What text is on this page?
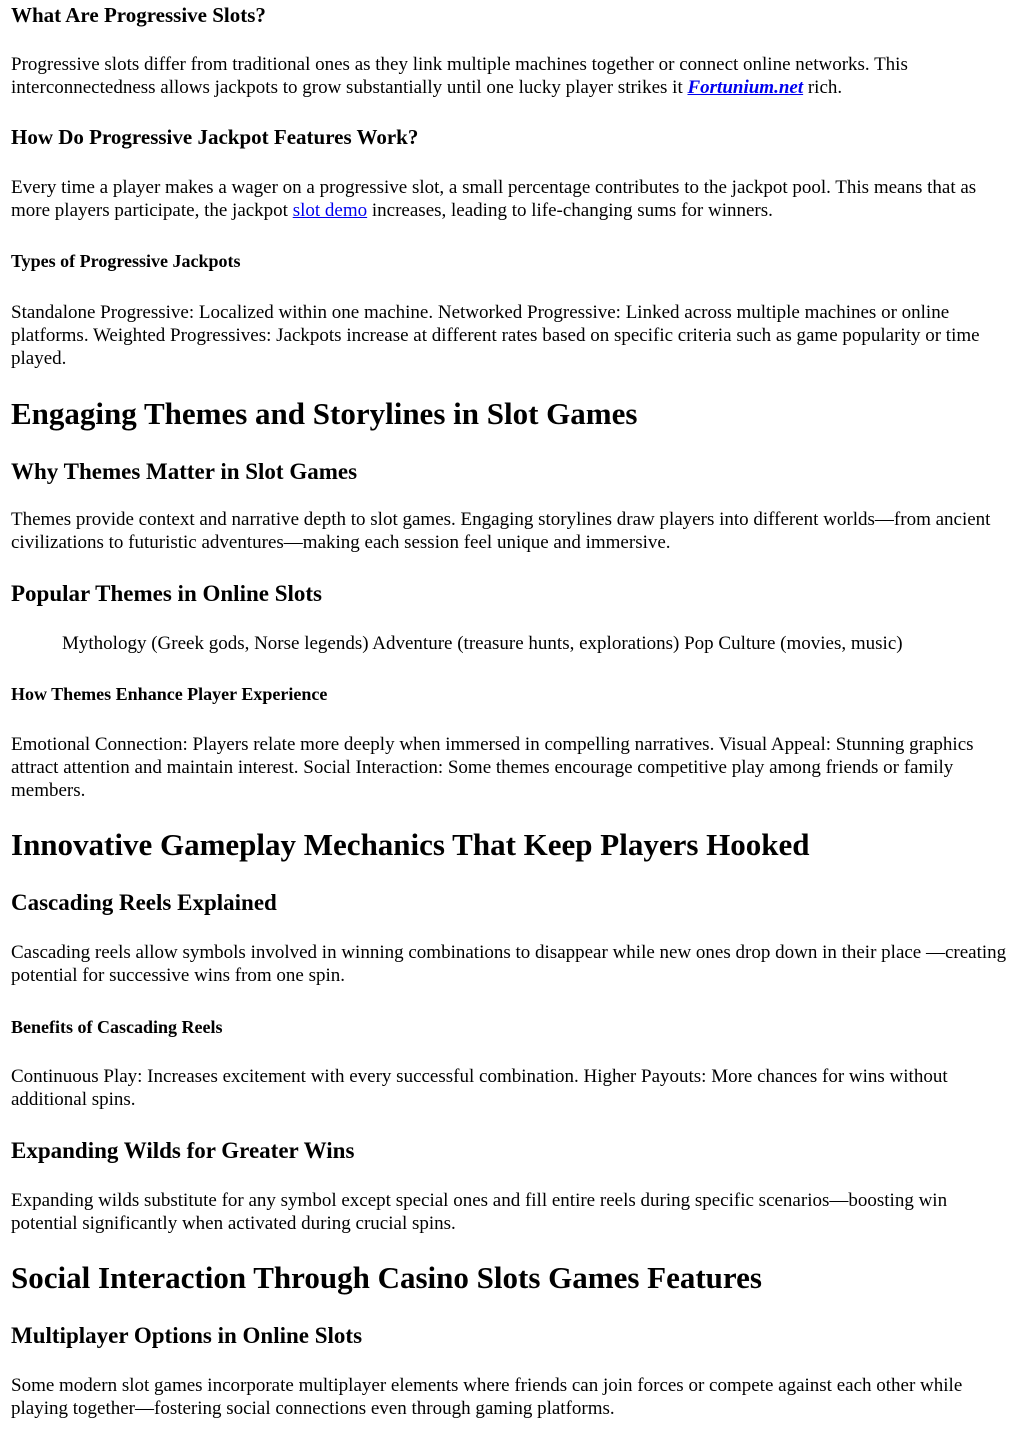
What Are Progressive Slots?

Progressive slots differ from traditional ones as they link multiple machines together or connect online networks. This interconnectedness allows jackpots to grow substantially until one lucky player strikes it Fortunium.net rich.

How Do Progressive Jackpot Features Work?

Every time a player makes a wager on a progressive slot, a small percentage contributes to the jackpot pool. This means that as more players participate, the jackpot slot demo increases, leading to life-changing sums for winners.

Types of Progressive Jackpots

Standalone Progressive: Localized within one machine. Networked Progressive: Linked across multiple machines or online platforms. Weighted Progressives: Jackpots increase at different rates based on specific criteria such as game popularity or time played.

Engaging Themes and Storylines in Slot Games
Why Themes Matter in Slot Games

Themes provide context and narrative depth to slot games. Engaging storylines draw players into different worlds—from ancient civilizations to futuristic adventures—making each session feel unique and immersive.

Popular Themes in Online Slots
Mythology (Greek gods, Norse legends) Adventure (treasure hunts, explorations) Pop Culture (movies, music)
How Themes Enhance Player Experience

Emotional Connection: Players relate more deeply when immersed in compelling narratives. Visual Appeal: Stunning graphics attract attention and maintain interest. Social Interaction: Some themes encourage competitive play among friends or family members.

Innovative Gameplay Mechanics That Keep Players Hooked
Cascading Reels Explained

Cascading reels allow symbols involved in winning combinations to disappear while new ones drop down in their place —creating potential for successive wins from one spin.

Benefits of Cascading Reels

Continuous Play: Increases excitement with every successful combination. Higher Payouts: More chances for wins without additional spins.

Expanding Wilds for Greater Wins

Expanding wilds substitute for any symbol except special ones and fill entire reels during specific scenarios—boosting win potential significantly when activated during crucial spins.

Social Interaction Through Casino Slots Games Features
Multiplayer Options in Online Slots

Some modern slot games incorporate multiplayer elements where friends can join forces or compete against each other while playing together—fostering social connections even through gaming platforms.
